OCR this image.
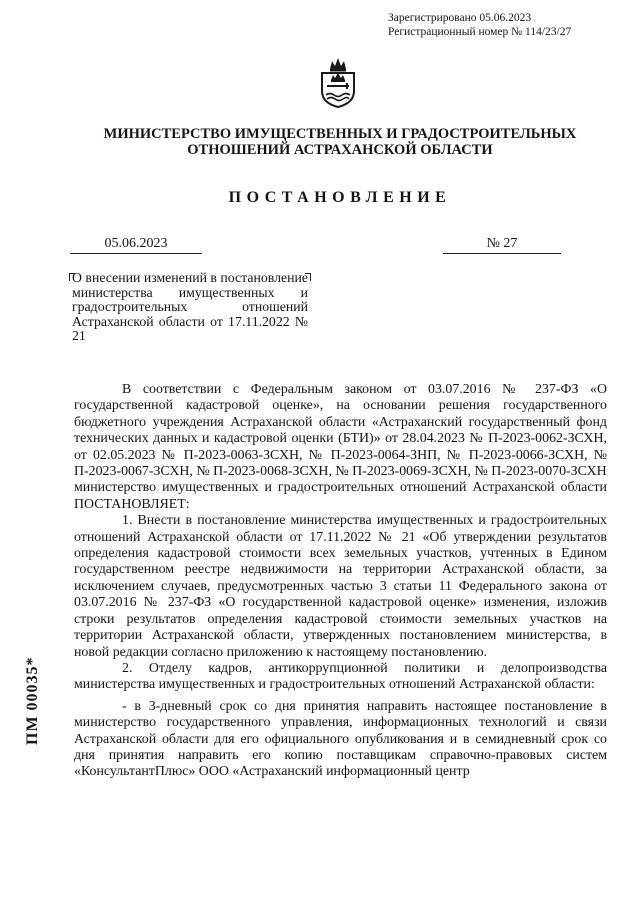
Зарегистрировано 05.06.2023
Регистрационный номер № 114/23/27
МИНИСТЕРСТВО ИМУЩЕСТВЕННЫХ И ГРАДОСТРОИТЕЛЬНЫХ
ОТНОШЕНИЙ АСТРАХАНСКОЙ ОБЛАСТИ
ПОСТАНОВЛЕНИЕ
05.06.2023	№ 27
О внесении изменений в постановление министерства имущественных и градостроительных отношений Астраханской области от 17.11.2022 № 21

В соответствии с Федеральным законом от 03.07.2016 № 237-ФЗ «О государственной кадастровой оценке», на основании решения государственного бюджетного учреждения Астраханской области «Астраханский государственный фонд технических данных и кадастровой оценки (БТИ)» от 28.04.2023 № П-2023-0062-ЗСХН, от 02.05.2023 № П-2023-0063-ЗСХН, № П-2023-0064-ЗНП, № П-2023-0066-ЗСХН, № П-2023-0067-ЗСХН, № П-2023-0068-ЗСХН, № П-2023-0069-ЗСХН, № П-2023-0070-ЗСХН

министерство имущественных и градостроительных отношений Астраханской области ПОСТАНОВЛЯЕТ:

1. Внести в постановление министерства имущественных и градостроительных отношений Астраханской области от 17.11.2022 № 21 «Об утверждении результатов определения кадастровой стоимости всех земельных участков, учтенных в Едином государственном реестре недвижимости на территории Астраханской области, за исключением случаев, предусмотренных частью 3 статьи 11 Федерального закона от 03.07.2016 № 237-ФЗ «О государственной кадастровой оценке» изменения, изложив строки результатов определения кадастровой стоимости земельных участков на территории Астраханской области, утвержденных постановлением министерства, в новой редакции согласно приложению к настоящему постановлению.

2. Отделу кадров, антикоррупционной политики и делопроизводства министерства имущественных и градостроительных отношений Астраханской области:

- в 3-дневный срок со дня принятия направить настоящее постановление в министерство государственного управления, информационных технологий и связи Астраханской области для его официального опубликования и в семидневный срок со дня принятия направить его копию поставщикам справочно-правовых систем «КонсультантПлюс» ООО «Астраханский информационный центр

ПМ 00035*
